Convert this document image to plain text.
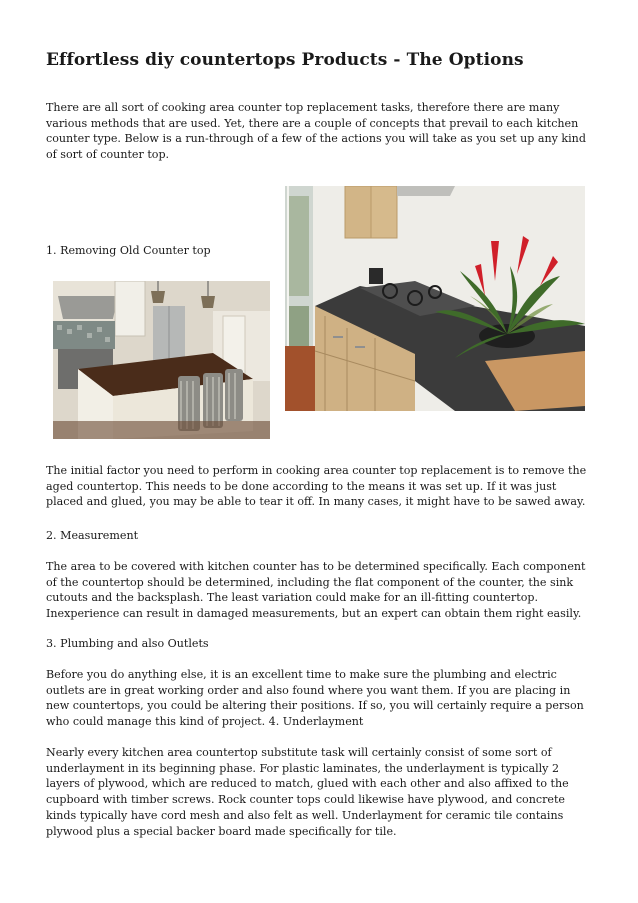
Effortless diy countertops Products - The Options

There are all sort of cooking area counter top replacement tasks, therefore there are many various methods that are used. Yet, there are a couple of concepts that prevail to each kitchen counter type. Below is a run-through of a few of the actions you will take as you set up any kind of sort of counter top.

1. Removing Old Counter top

The initial factor you need to perform in cooking area counter top replacement is to remove the aged countertop. This needs to be done according to the means it was set up. If it was just placed and glued, you may be able to tear it off. In many cases, it might have to be sawed away.

2. Measurement

The area to be covered with kitchen counter has to be determined specifically. Each component of the countertop should be determined, including the flat component of the counter, the sink cutouts and the backsplash. The least variation could make for an ill-fitting countertop. Inexperience can result in damaged measurements, but an expert can obtain them right easily.

3. Plumbing and also Outlets

Before you do anything else, it is an excellent time to make sure the plumbing and electric outlets are in great working order and also found where you want them. If you are placing in new countertops, you could be altering their positions. If so, you will certainly require a person who could manage this kind of project. 4. Underlayment

Nearly every kitchen area countertop substitute task will certainly consist of some sort of underlayment in its beginning phase. For plastic laminates, the underlayment is typically 2 layers of plywood, which are reduced to match, glued with each other and also affixed to the cupboard with timber screws. Rock counter tops could likewise have plywood, and concrete kinds typically have cord mesh and also felt as well. Underlayment for ceramic tile contains plywood plus a special backer board made specifically for tile.
